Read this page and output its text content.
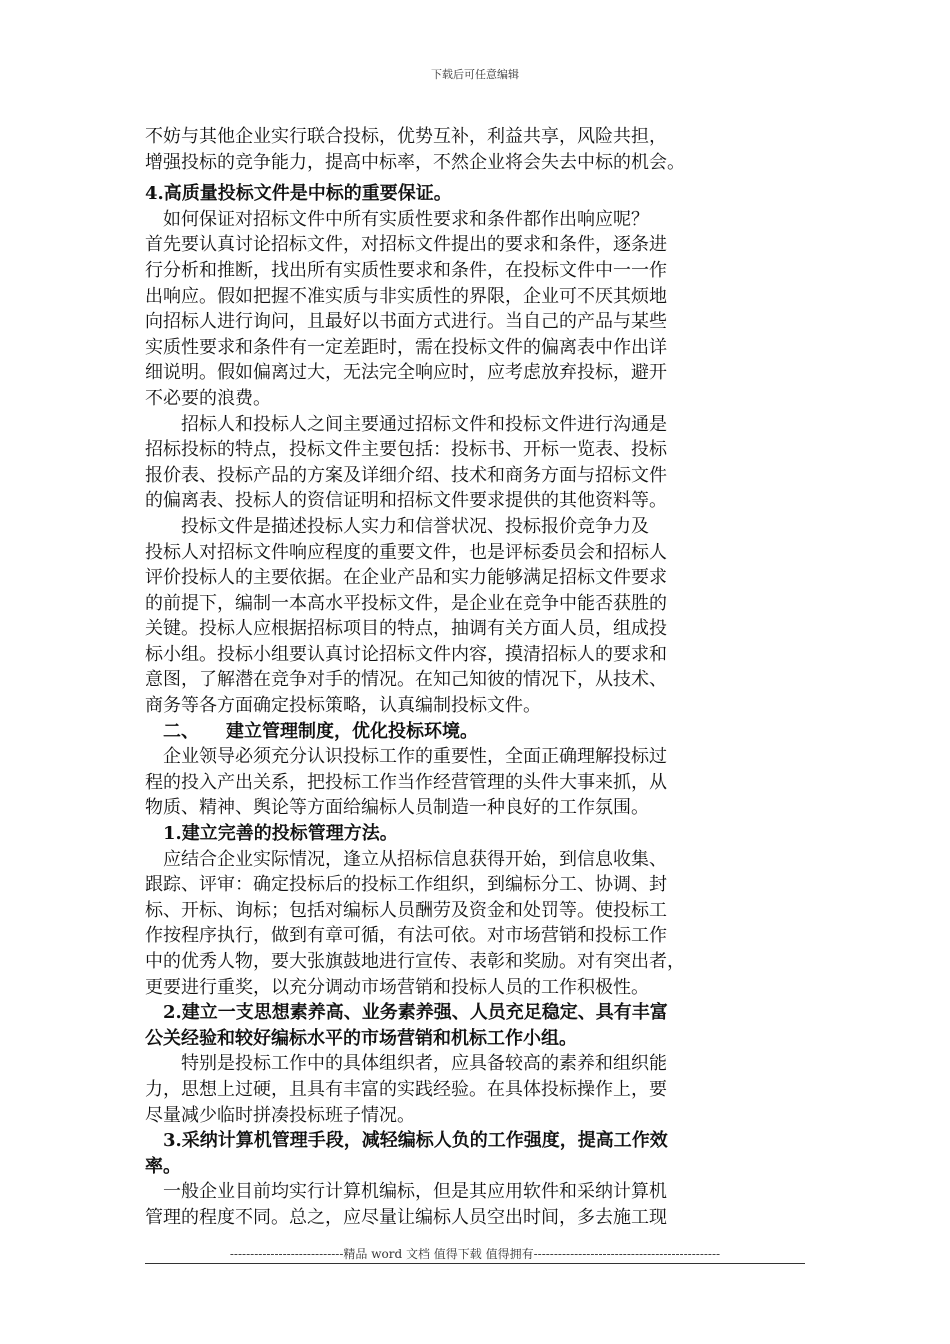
下载后可任意编辑

不妨与其他企业实行联合投标，优势互补，利益共享，风险共担，
增强投标的竞争能力，提高中标率，不然企业将会失去中标的机会。

4.高质量投标文件是中标的重要保证。

　如何保证对招标文件中所有实质性要求和条件都作出响应呢？
首先要认真讨论招标文件，对招标文件提出的要求和条件，逐条进
行分析和推断，找出所有实质性要求和条件，在投标文件中一一作
出响应。假如把握不准实质与非实质性的界限，企业可不厌其烦地
向招标人进行询问，且最好以书面方式进行。当自己的产品与某些
实质性要求和条件有一定差距时，需在投标文件的偏离表中作出详
细说明。假如偏离过大，无法完全响应时，应考虑放弃投标，避开
不必要的浪费。

　　招标人和投标人之间主要通过招标文件和投标文件进行沟通是
招标投标的特点，投标文件主要包括：投标书、开标一览表、投标
报价表、投标产品的方案及详细介绍、技术和商务方面与招标文件
的偏离表、投标人的资信证明和招标文件要求提供的其他资料等。

　　投标文件是描述投标人实力和信誉状况、投标报价竞争力及
投标人对招标文件响应程度的重要文件，也是评标委员会和招标人
评价投标人的主要依据。在企业产品和实力能够满足招标文件要求
的前提下，编制一本高水平投标文件，是企业在竞争中能否获胜的
关键。投标人应根据招标项目的特点，抽调有关方面人员，组成投
标小组。投标小组要认真讨论招标文件内容，摸清招标人的要求和
意图，了解潜在竞争对手的情况。在知己知彼的情况下，从技术、
商务等各方面确定投标策略，认真编制投标文件。

　二、　　建立管理制度，优化投标环境。

　企业领导必须充分认识投标工作的重要性，全面正确理解投标过
程的投入产出关系，把投标工作当作经营管理的头件大事来抓，从
物质、精神、舆论等方面给编标人员制造一种良好的工作氛围。

　1.建立完善的投标管理方法。

　应结合企业实际情况，逢立从招标信息获得开始，到信息收集、
跟踪、评审：确定投标后的投标工作组织，到编标分工、协调、封
标、开标、询标；包括对编标人员酬劳及资金和处罚等。使投标工
作按程序执行，做到有章可循，有法可依。对市场营销和投标工作
中的优秀人物，要大张旗鼓地进行宣传、表彰和奖励。对有突出者，
更要进行重奖，以充分调动市场营销和投标人员的工作积极性。

　2.建立一支思想素养高、业务素养强、人员充足稳定、具有丰富
公关经验和较好编标水平的市场营销和机标工作小组。

　　特别是投标工作中的具体组织者，应具备较高的素养和组织能
力，思想上过硬，且具有丰富的实践经验。在具体投标操作上，要
尽量减少临时拼凑投标班子情况。

　3.采纳计算机管理手段，减轻编标人负的工作强度，提高工作效
率。

　一般企业目前均实行计算机编标，但是其应用软件和采纳计算机
管理的程度不同。总之，应尽量让编标人员空出时间，多去施工现

----------------------------精品 word 文档 值得下载 值得拥有----------------------------------------------
